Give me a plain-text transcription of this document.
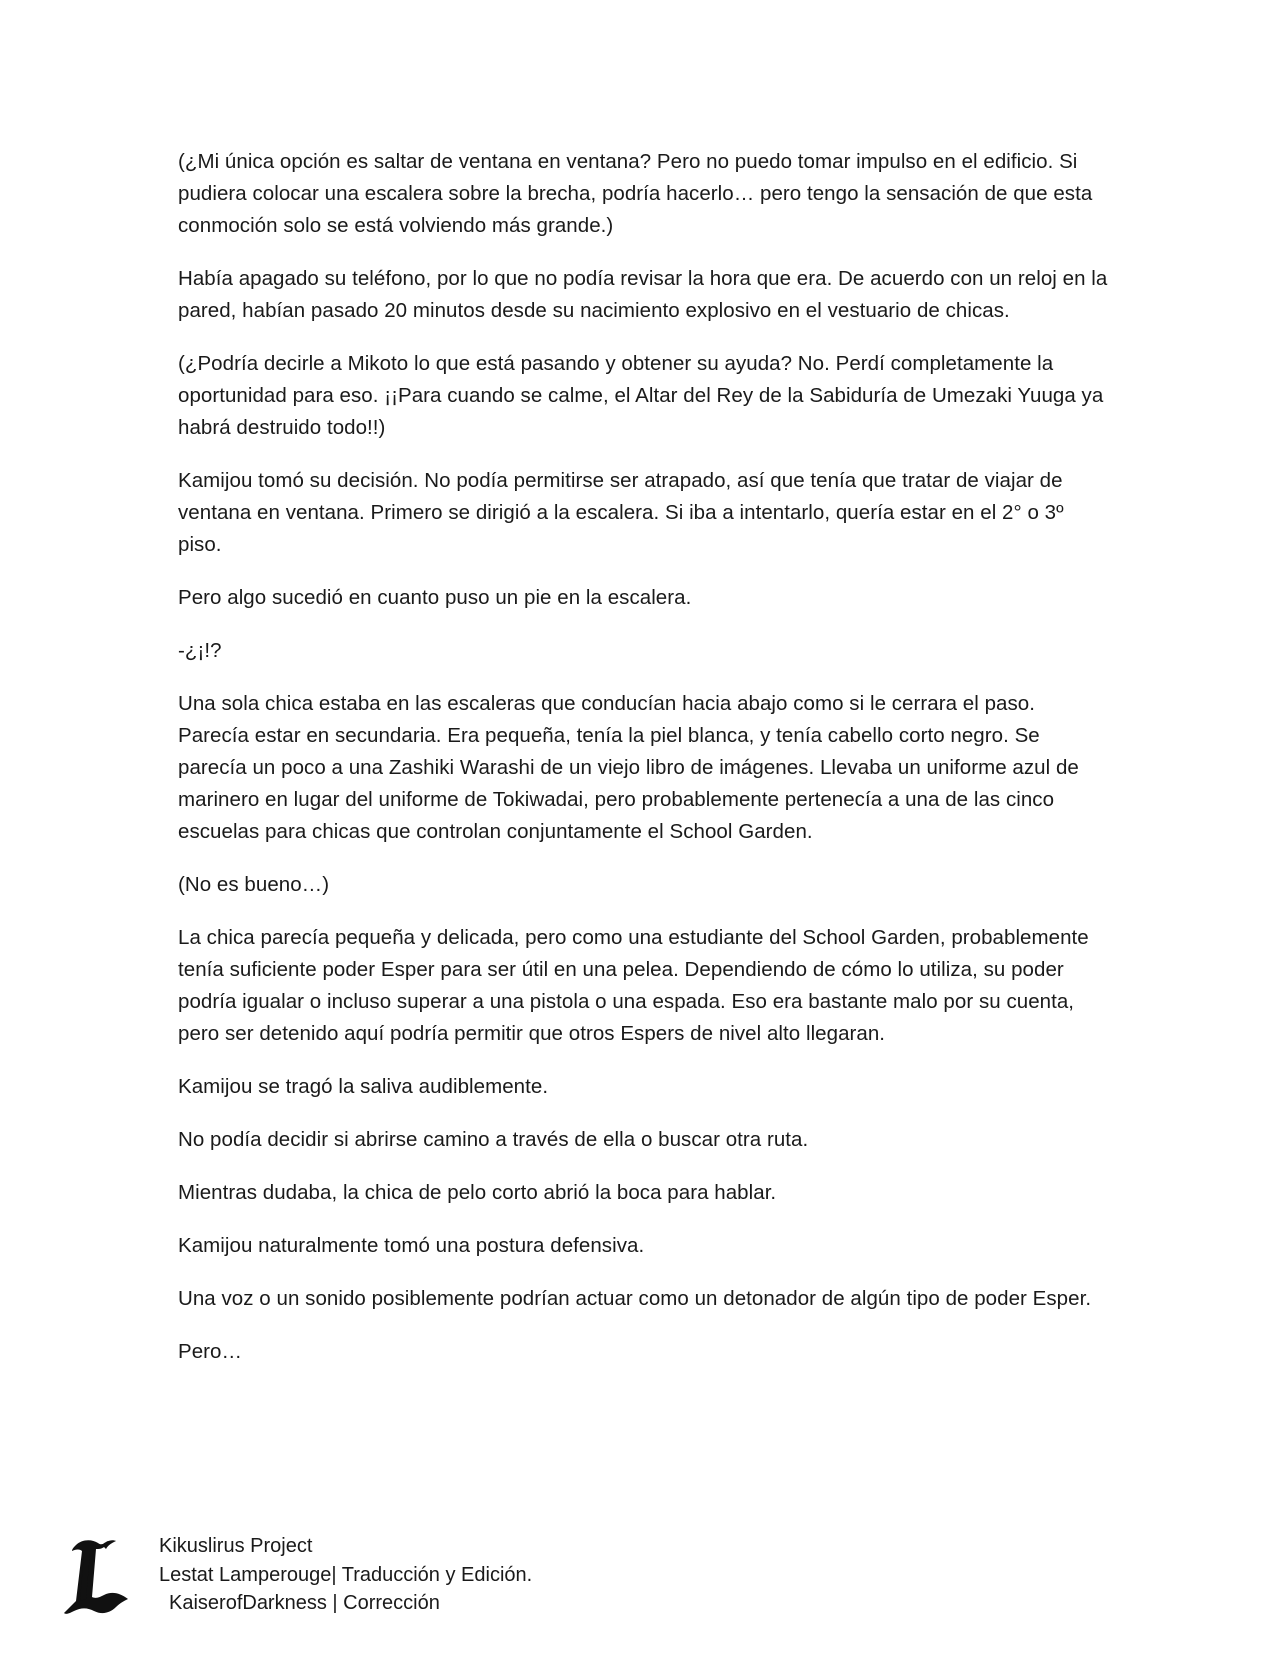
(¿Mi única opción es saltar de ventana en ventana? Pero no puedo tomar impulso en el edificio. Si pudiera colocar una escalera sobre la brecha, podría hacerlo… pero tengo la sensación de que esta conmoción solo se está volviendo más grande.)

Había apagado su teléfono, por lo que no podía revisar la hora que era. De acuerdo con un reloj en la pared, habían pasado 20 minutos desde su nacimiento explosivo en el vestuario de chicas.

(¿Podría decirle a Mikoto lo que está pasando y obtener su ayuda? No. Perdí completamente la oportunidad para eso. ¡¡Para cuando se calme, el Altar del Rey de la Sabiduría de Umezaki Yuuga ya habrá destruido todo!!)

Kamijou tomó su decisión. No podía permitirse ser atrapado, así que tenía que tratar de viajar de ventana en ventana. Primero se dirigió a la escalera. Si iba a intentarlo, quería estar en el 2° o 3º piso.

Pero algo sucedió en cuanto puso un pie en la escalera.

-¿¡!?

Una sola chica estaba en las escaleras que conducían hacia abajo como si le cerrara el paso. Parecía estar en secundaria. Era pequeña, tenía la piel blanca, y tenía cabello corto negro. Se parecía un poco a una Zashiki Warashi de un viejo libro de imágenes. Llevaba un uniforme azul de marinero en lugar del uniforme de Tokiwadai, pero probablemente pertenecía a una de las cinco escuelas para chicas que controlan conjuntamente el School Garden.

(No es bueno…)

La chica parecía pequeña y delicada, pero como una estudiante del School Garden, probablemente tenía suficiente poder Esper para ser útil en una pelea. Dependiendo de cómo lo utiliza, su poder podría igualar o incluso superar a una pistola o una espada. Eso era bastante malo por su cuenta, pero ser detenido aquí podría permitir que otros Espers de nivel alto llegaran.

Kamijou se tragó la saliva audiblemente.

No podía decidir si abrirse camino a través de ella o buscar otra ruta.

Mientras dudaba, la chica de pelo corto abrió la boca para hablar.

Kamijou naturalmente tomó una postura defensiva.

Una voz o un sonido posiblemente podrían actuar como un detonador de algún tipo de poder Esper.

Pero…

Kikuslirus Project
Lestat Lamperouge| Traducción y Edición.
KaiserofDarkness | Corrección
